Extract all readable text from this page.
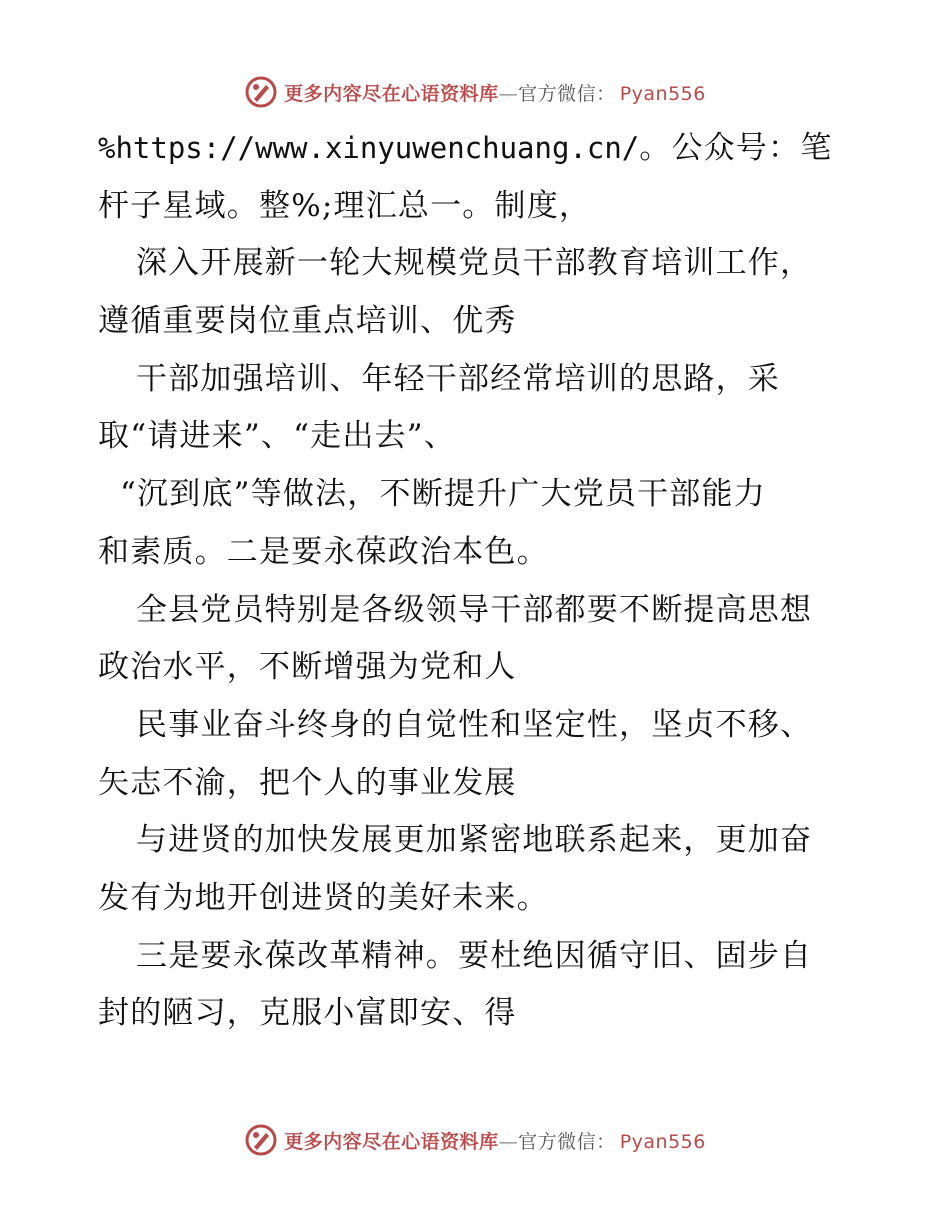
更多内容尽在心语资料库—官方微信： Pyan556
%https://www.xinyuwenchuang.cn/。公众号：笔
杆子星域。整%;理汇总一。制度，
深入开展新一轮大规模党员干部教育培训工作，
遵循重要岗位重点培训、优秀
干部加强培训、年轻干部经常培训的思路，采
取“请进来”、“走出去”、
“沉到底”等做法，不断提升广大党员干部能力
和素质。二是要永葆政治本色。
全县党员特别是各级领导干部都要不断提高思想
政治水平，不断增强为党和人
民事业奋斗终身的自觉性和坚定性，坚贞不移、
矢志不渝，把个人的事业发展
与进贤的加快发展更加紧密地联系起来，更加奋
发有为地开创进贤的美好未来。
三是要永葆改革精神。要杜绝因循守旧、固步自
封的陋习，克服小富即安、得
更多内容尽在心语资料库—官方微信： Pyan556
